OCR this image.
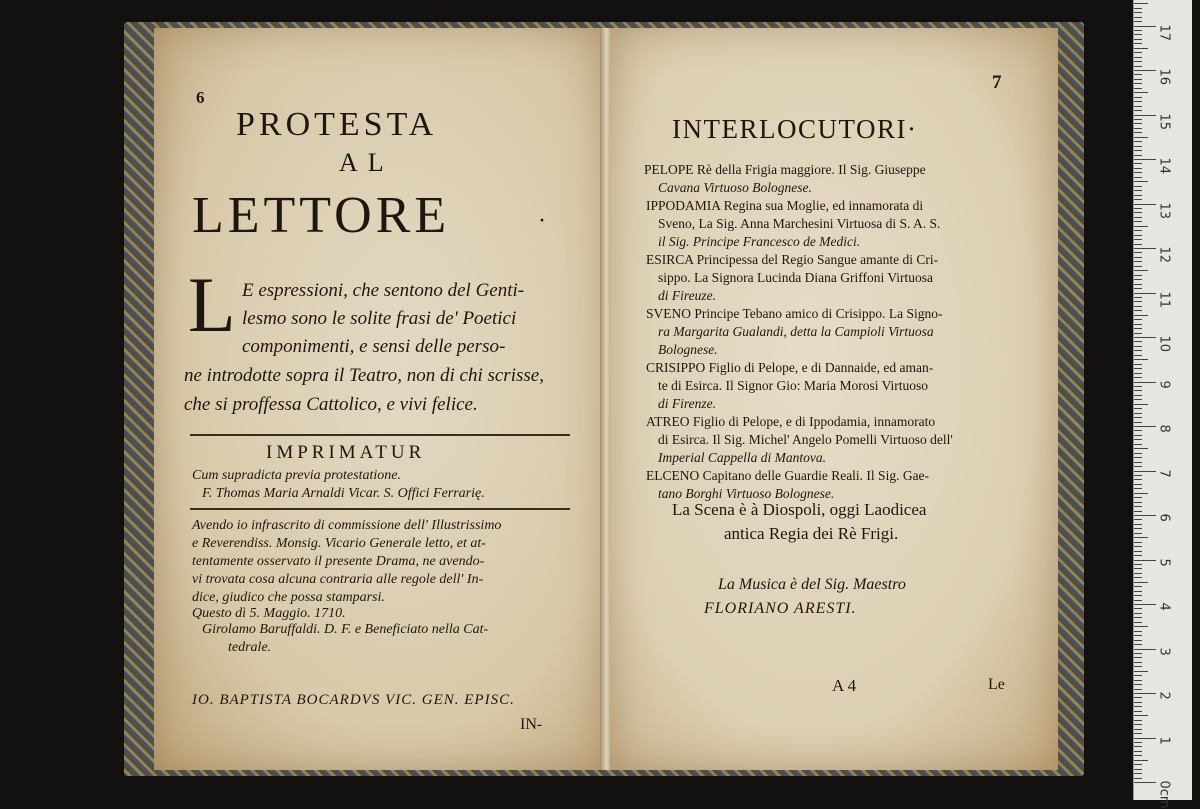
6
PROTESTA
AL
LETTORE	·
L E espressioni, che sentono del Genti-
lesmo sono le solite frasi de' Poetici
componimenti, e sensi delle perso-
ne introdotte sopra il Teatro, non di chi scrisse,
che si proffessa Cattolico, e vivi felice.
IMPRIMATUR
Cum supradicta previa protestatione.
F. Thomas Maria Arnaldi Vicar. S. Offici Ferrarię.
Avendo io infrascrito di commissione dell' Illustrissimo
e Reverendiss. Monsig. Vicario Generale letto, et at-
tentamente osservato il presente Drama, ne avendo-
vi trovata cosa alcuna contraria alle regole dell' In-
dice, giudico che possa stamparsi.
Questo dì 5. Maggio. 1710.
Girolamo Baruffaldi. D. F. e Beneficiato nella Cat-
tedrale.
IO. BAPTISTA BOCARDVS VIC. GEN. EPISC.
IN-
7
INTERLOCUTORI·
PELOPE Rè della Frigia maggiore. Il Sig. Giuseppe
Cavana Virtuoso Bolognese.
IPPODAMIA Regina sua Moglie, ed innamorata di
Sveno, La Sig. Anna Marchesini Virtuosa di S. A. S.
il Sig. Principe Francesco de Medici.
ESIRCA Principessa del Regio Sangue amante di Cri-
sippo. La Signora Lucinda Diana Griffoni Virtuosa
di Fireuze.
SVENO Principe Tebano amico di Crisippo. La Signo-
ra Margarita Gualandi, detta la Campioli Virtuosa
Bolognese.
CRISIPPO Figlio di Pelope, e di Dannaide, ed aman-
te di Esirca. Il Signor Gio: Maria Morosi Virtuoso
di Firenze.
ATREO Figlio di Pelope, e di Ippodamia, innamorato
di Esirca. Il Sig. Michel' Angelo Pomelli Virtuoso dell'
Imperial Cappella di Mantova.
ELCENO Capitano delle Guardie Reali. Il Sig. Gae-
tano Borghi Virtuoso Bolognese.
La Scena è à Diospoli, oggi Laodicea
antica Regia dei Rè Frigi.
La Musica è del Sig. Maestro
FLORIANO ARESTI.
A 4	Le
0cm
1
2
3
4
5
6
7
8
9
10
11
12
13
14
15
16
17
